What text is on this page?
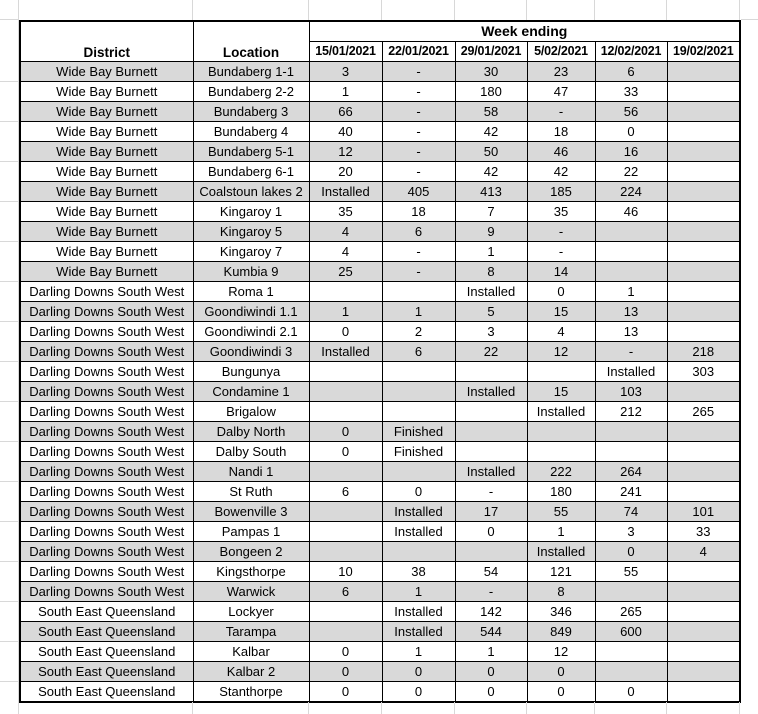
District	Location	Week ending					
		15/01/2021	22/01/2021	29/01/2021	5/02/2021	12/02/2021	19/02/2021
Wide Bay Burnett	Bundaberg 1-1	3	-	30	23	6	
Wide Bay Burnett	Bundaberg 2-2	1	-	180	47	33	
Wide Bay Burnett	Bundaberg 3	66	-	58	-	56	
Wide Bay Burnett	Bundaberg 4	40	-	42	18	0	
Wide Bay Burnett	Bundaberg 5-1	12	-	50	46	16	
Wide Bay Burnett	Bundaberg 6-1	20	-	42	42	22	
Wide Bay Burnett	Coalstoun lakes 2	Installed	405	413	185	224	
Wide Bay Burnett	Kingaroy 1	35	18	7	35	46	
Wide Bay Burnett	Kingaroy 5	4	6	9	-		
Wide Bay Burnett	Kingaroy 7	4	-	1	-		
Wide Bay Burnett	Kumbia 9	25	-	8	14		
Darling Downs South West	Roma 1			Installed	0	1	
Darling Downs South West	Goondiwindi 1.1	1	1	5	15	13	
Darling Downs South West	Goondiwindi 2.1	0	2	3	4	13	
Darling Downs South West	Goondiwindi 3	Installed	6	22	12	-	218
Darling Downs South West	Bungunya					Installed	303
Darling Downs South West	Condamine 1			Installed	15	103	
Darling Downs South West	Brigalow				Installed	212	265
Darling Downs South West	Dalby North	0	Finished				
Darling Downs South West	Dalby South	0	Finished				
Darling Downs South West	Nandi 1			Installed	222	264	
Darling Downs South West	St Ruth	6	0	-	180	241	
Darling Downs South West	Bowenville 3		Installed	17	55	74	101
Darling Downs South West	Pampas 1		Installed	0	1	3	33
Darling Downs South West	Bongeen 2				Installed	0	4
Darling Downs South West	Kingsthorpe	10	38	54	121	55	
Darling Downs South West	Warwick	6	1	-	8		
South East Queensland	Lockyer		Installed	142	346	265	
South East Queensland	Tarampa		Installed	544	849	600	
South East Queensland	Kalbar	0	1	1	12		
South East Queensland	Kalbar 2	0	0	0	0		
South East Queensland	Stanthorpe	0	0	0	0	0	
